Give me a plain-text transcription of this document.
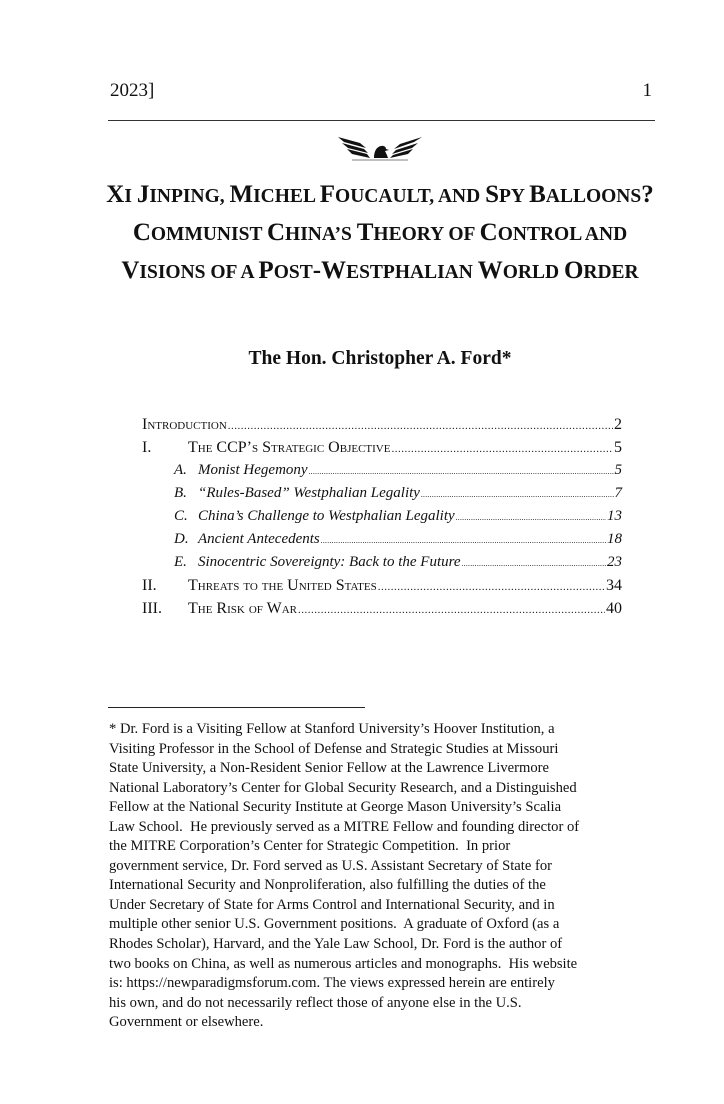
2023]	1
XI JINPING, MICHEL FOUCAULT, AND SPY BALLOONS?
COMMUNIST CHINA’S THEORY OF CONTROL AND
VISIONS OF A POST-WESTPHALIAN WORLD ORDER
The Hon. Christopher A. Ford*
Introduction .....	2
I.	The CCP’s Strategic Objective .....	5
A. Monist Hegemony .....	5
B. “Rules-Based” Westphalian Legality .....	7
C. China’s Challenge to Westphalian Legality .....	13
D. Ancient Antecedents .....	18
E. Sinocentric Sovereignty: Back to the Future .....	23
II.	Threats to the United States .....	34
III.	The Risk of War .....	40
* Dr. Ford is a Visiting Fellow at Stanford University’s Hoover Institution, a
Visiting Professor in the School of Defense and Strategic Studies at Missouri
State University, a Non-Resident Senior Fellow at the Lawrence Livermore
National Laboratory’s Center for Global Security Research, and a Distinguished
Fellow at the National Security Institute at George Mason University’s Scalia
Law School.  He previously served as a MITRE Fellow and founding director of
the MITRE Corporation’s Center for Strategic Competition.  In prior
government service, Dr. Ford served as U.S. Assistant Secretary of State for
International Security and Nonproliferation, also fulfilling the duties of the
Under Secretary of State for Arms Control and International Security, and in
multiple other senior U.S. Government positions.  A graduate of Oxford (as a
Rhodes Scholar), Harvard, and the Yale Law School, Dr. Ford is the author of
two books on China, as well as numerous articles and monographs.  His website
is: https://newparadigmsforum.com. The views expressed herein are entirely
his own, and do not necessarily reflect those of anyone else in the U.S.
Government or elsewhere.
